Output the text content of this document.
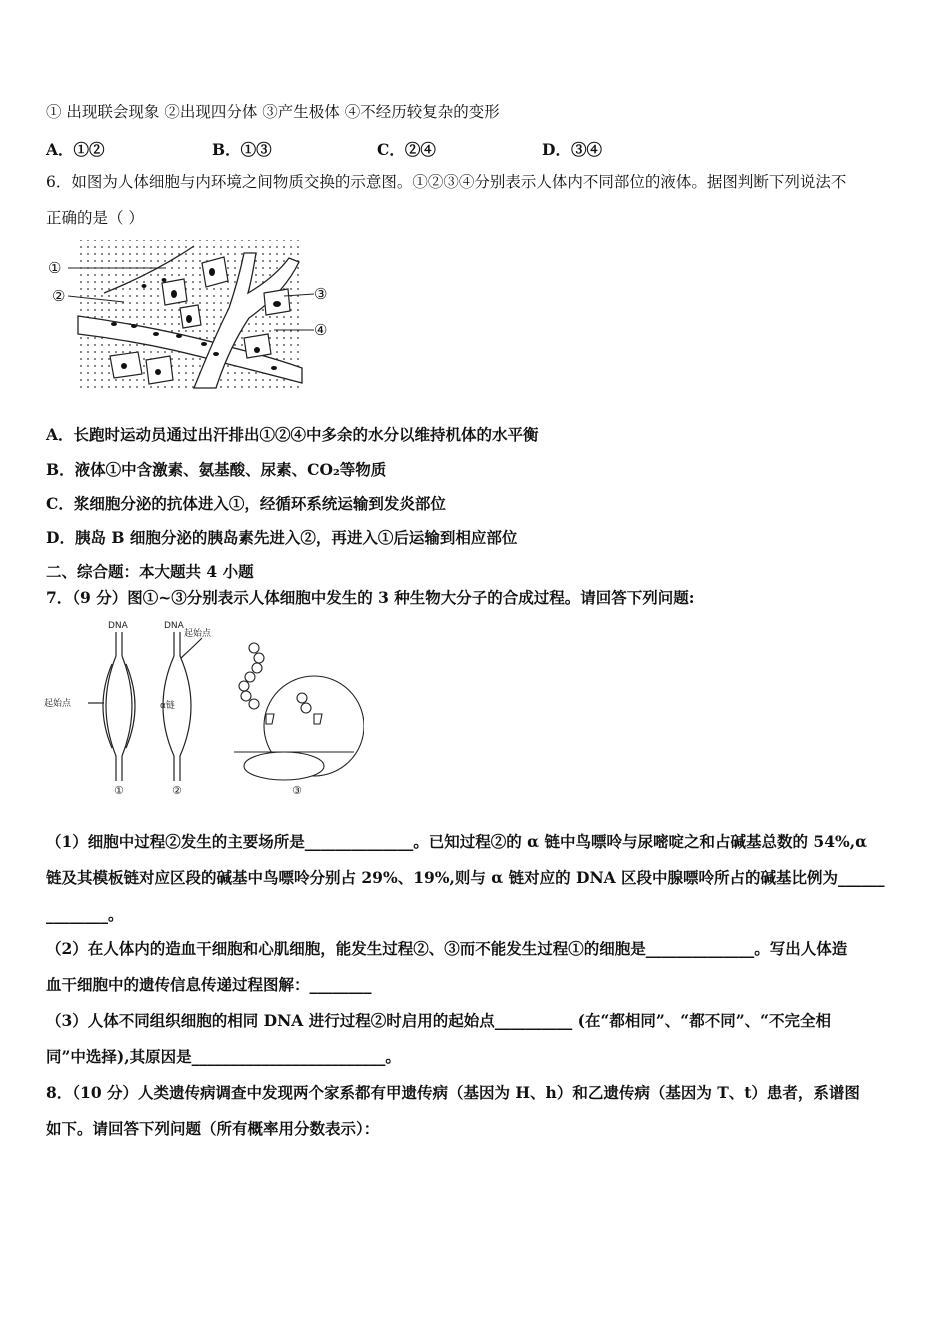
① 出现联会现象 ②出现四分体 ③产生极体 ④不经历较复杂的变形
A．①②	B．①③	C．②④	D．③④
6．如图为人体细胞与内环境之间物质交换的示意图。①②③④分别表示人体内不同部位的液体。据图判断下列说法不
正确的是（ ）
①
②	③
④
A．长跑时运动员通过出汗排出①②④中多余的水分以维持机体的水平衡
B．液体①中含激素、氨基酸、尿素、CO₂等物质
C．浆细胞分泌的抗体进入①，经循环系统运输到发炎部位
D．胰岛 B 细胞分泌的胰岛素先进入②，再进入①后运输到相应部位
二、综合题：本大题共 4 小题
7．（9 分）图①~③分别表示人体细胞中发生的 3 种生物大分子的合成过程。请回答下列问题:
DNA	DNA
起始点
起始点	α链
①	②	③
（1）细胞中过程②发生的主要场所是______________。已知过程②的 α 链中鸟嘌呤与尿嘧啶之和占碱基总数的 54%,α
链及其模板链对应区段的碱基中鸟嘌呤分别占 29%、19%,则与 α 链对应的 DNA 区段中腺嘌呤所占的碱基比例为______
________。
（2）在人体内的造血干细胞和心肌细胞，能发生过程②、③而不能发生过程①的细胞是______________。写出人体造
血干细胞中的遗传信息传递过程图解：________
（3）人体不同组织细胞的相同 DNA 进行过程②时启用的起始点__________ (在“都相同”、“都不同”、“不完全相
同”中选择),其原因是_________________________。
8．（10 分）人类遗传病调查中发现两个家系都有甲遗传病（基因为 H、h）和乙遗传病（基因为 T、t）患者，系谱图
如下。请回答下列问题（所有概率用分数表示）：
